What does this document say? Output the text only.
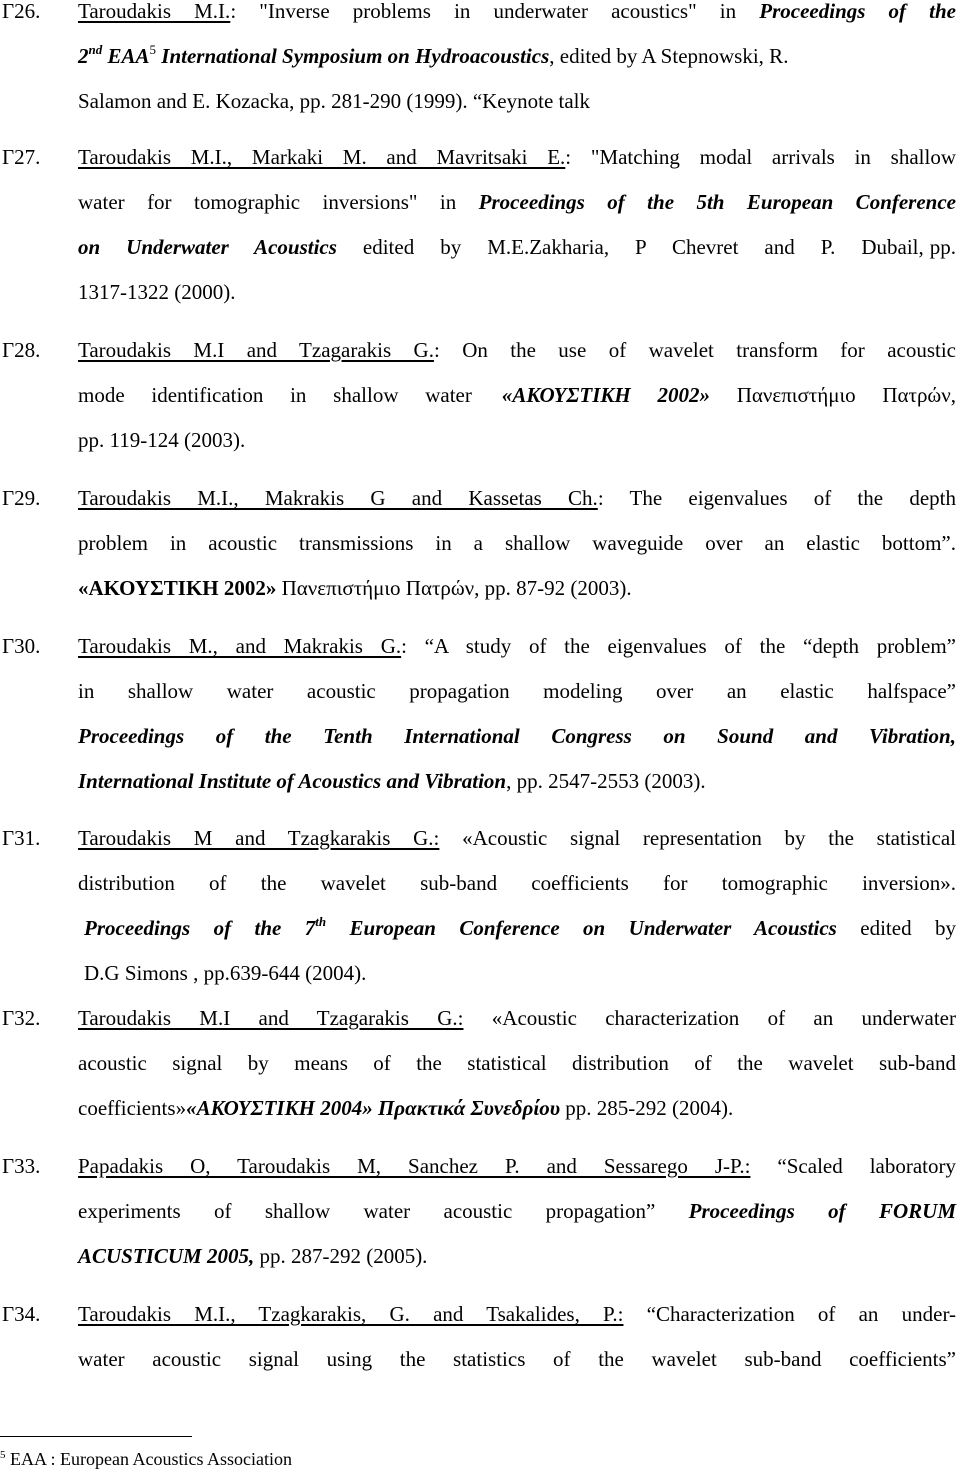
Γ26. Taroudakis M.I.: "Inverse problems in underwater acoustics" in Proceedings of the
2nd EAA$^5$ International Symposium on Hydroacoustics, edited by A Stepnowski, R.
Salamon and E. Kozacka, pp. 281-290 (1999). “Keynote talk
Γ27. Taroudakis M.I., Markaki M. and Mavritsaki E.: "Matching modal arrivals in shallow
water for tomographic inversions" in Proceedings of the 5th European Conference
on Underwater Acoustics edited by M.E.Zakharia, P Chevret and P. Dubail, pp.
1317-1322 (2000).
Γ28. Taroudakis M.I and Tzagarakis G.: On the use of wavelet transform for acoustic
mode identification in shallow water «ΑΚΟΥΣΤΙΚΗ 2002» Πανεπιστήμιο Πατρών,
pp. 119-124 (2003).
Γ29. Taroudakis M.I., Makrakis G and Kassetas Ch.: The eigenvalues of the depth
problem in acoustic transmissions in a shallow waveguide over an elastic bottom”.
«ΑΚΟΥΣΤΙΚΗ 2002» Πανεπιστήμιο Πατρών, pp. 87-92 (2003).
Γ30. Taroudakis M., and Makrakis G.: “A study of the eigenvalues of the “depth problem”
in shallow water acoustic propagation modeling over an elastic halfspace”
Proceedings of the Tenth International Congress on Sound and Vibration,
International Institute of Acoustics and Vibration, pp. 2547-2553 (2003).
Γ31. Taroudakis M and Tzagkarakis G.: «Acoustic signal representation by the statistical
distribution of the wavelet sub-band coefficients for tomographic inversion».
Proceedings of the 7th European Conference on Underwater Acoustics edited by
D.G Simons , pp.639-644 (2004).
Γ32. Taroudakis M.I and Tzagarakis G.: «Acoustic characterization of an underwater
acoustic signal by means of the statistical distribution of the wavelet sub-band
coefficients»«ΑΚΟΥΣΤΙΚΗ 2004» Πρακτικά Συνεδρίου pp. 285-292 (2004).
Γ33. Papadakis O, Taroudakis M, Sanchez P. and Sessarego J-P.: “Scaled laboratory
experiments of shallow water acoustic propagation” Proceedings of FORUM
ACUSTICUM 2005, pp. 287-292 (2005).
Γ34. Taroudakis M.I., Tzagkarakis, G. and Tsakalides, P.: “Characterization of an under-
water acoustic signal using the statistics of the wavelet sub-band coefficients”
$^5$ EAA : European Acoustics Association
